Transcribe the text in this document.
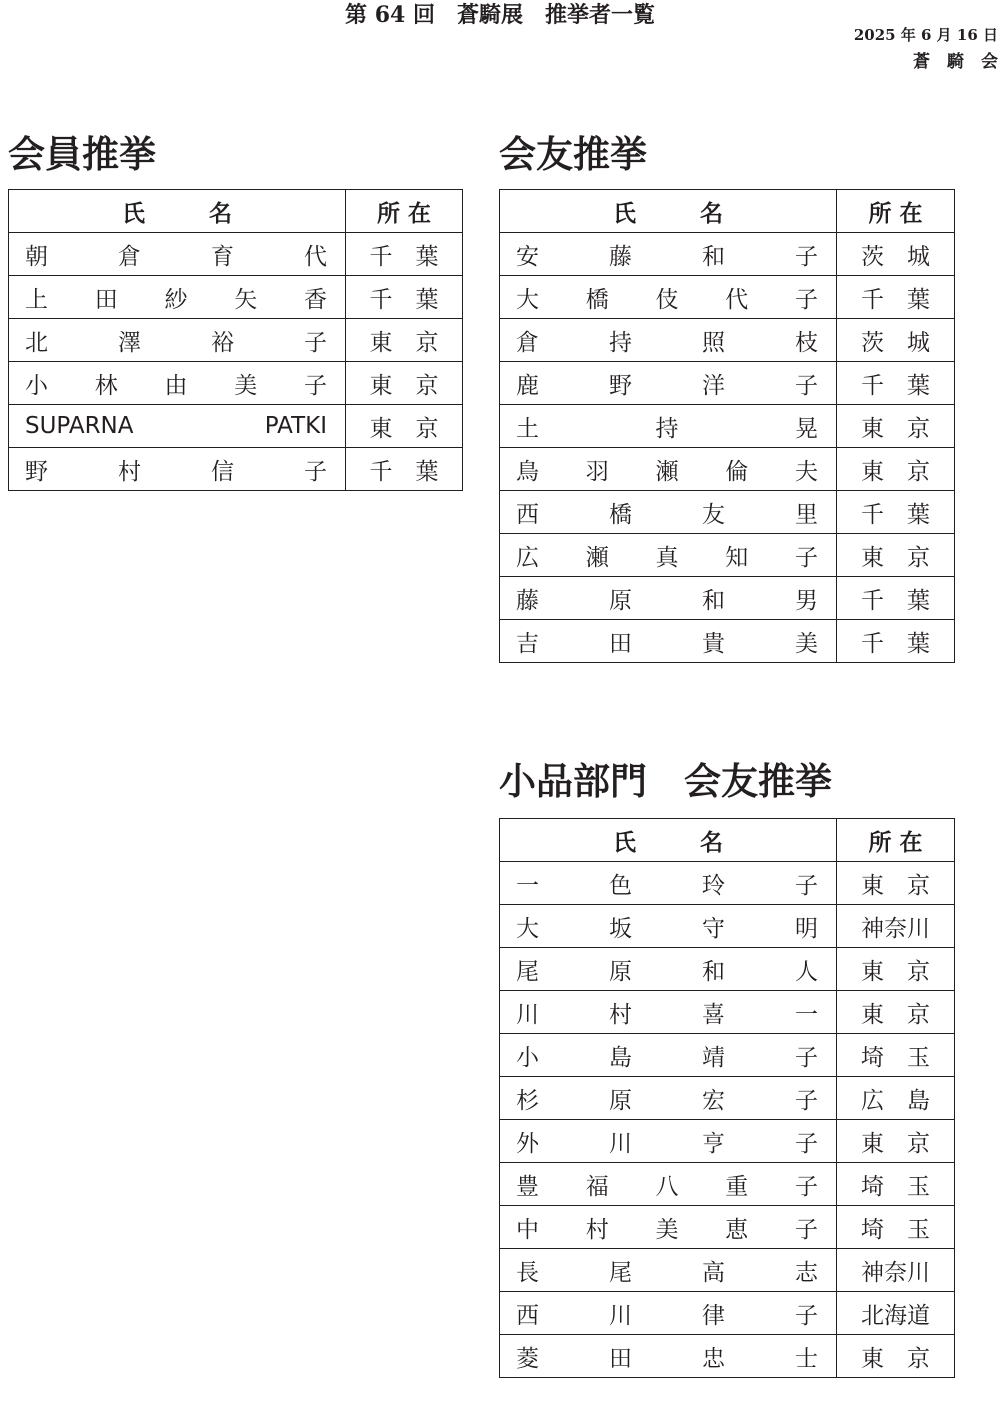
第 64 回　蒼騎展　推挙者一覧
2025 年 6 月 16 日
蒼　騎　会
会員推挙
氏 名	所 在

朝 倉 育 代	千　葉

上 田 紗 矢 香	千　葉

北 澤 裕 子	東　京

小 林 由 美 子	東　京

SUPARNA PATKI	東　京

野 村 信 子	千　葉
会友推挙
氏 名	所 在

安 藤 和 子	茨　城

大 橋 伎 代 子	千　葉

倉 持 照 枝	茨　城

鹿 野 洋 子	千　葉

土 持 晃	東　京

鳥 羽 瀬 倫 夫	東　京

西 橋 友 里	千　葉

広 瀬 真 知 子	東　京

藤 原 和 男	千　葉

吉 田 貴 美	千　葉
小品部門　会友推挙
氏 名	所 在

一 色 玲 子	東　京

大 坂 守 明	神奈川

尾 原 和 人	東　京

川 村 喜 一	東　京

小 島 靖 子	埼　玉

杉 原 宏 子	広　島

外 川 亨 子	東　京

豊 福 八 重 子	埼　玉

中 村 美 恵 子	埼　玉

長 尾 高 志	神奈川

西 川 律 子	北海道

菱 田 忠 士	東　京
